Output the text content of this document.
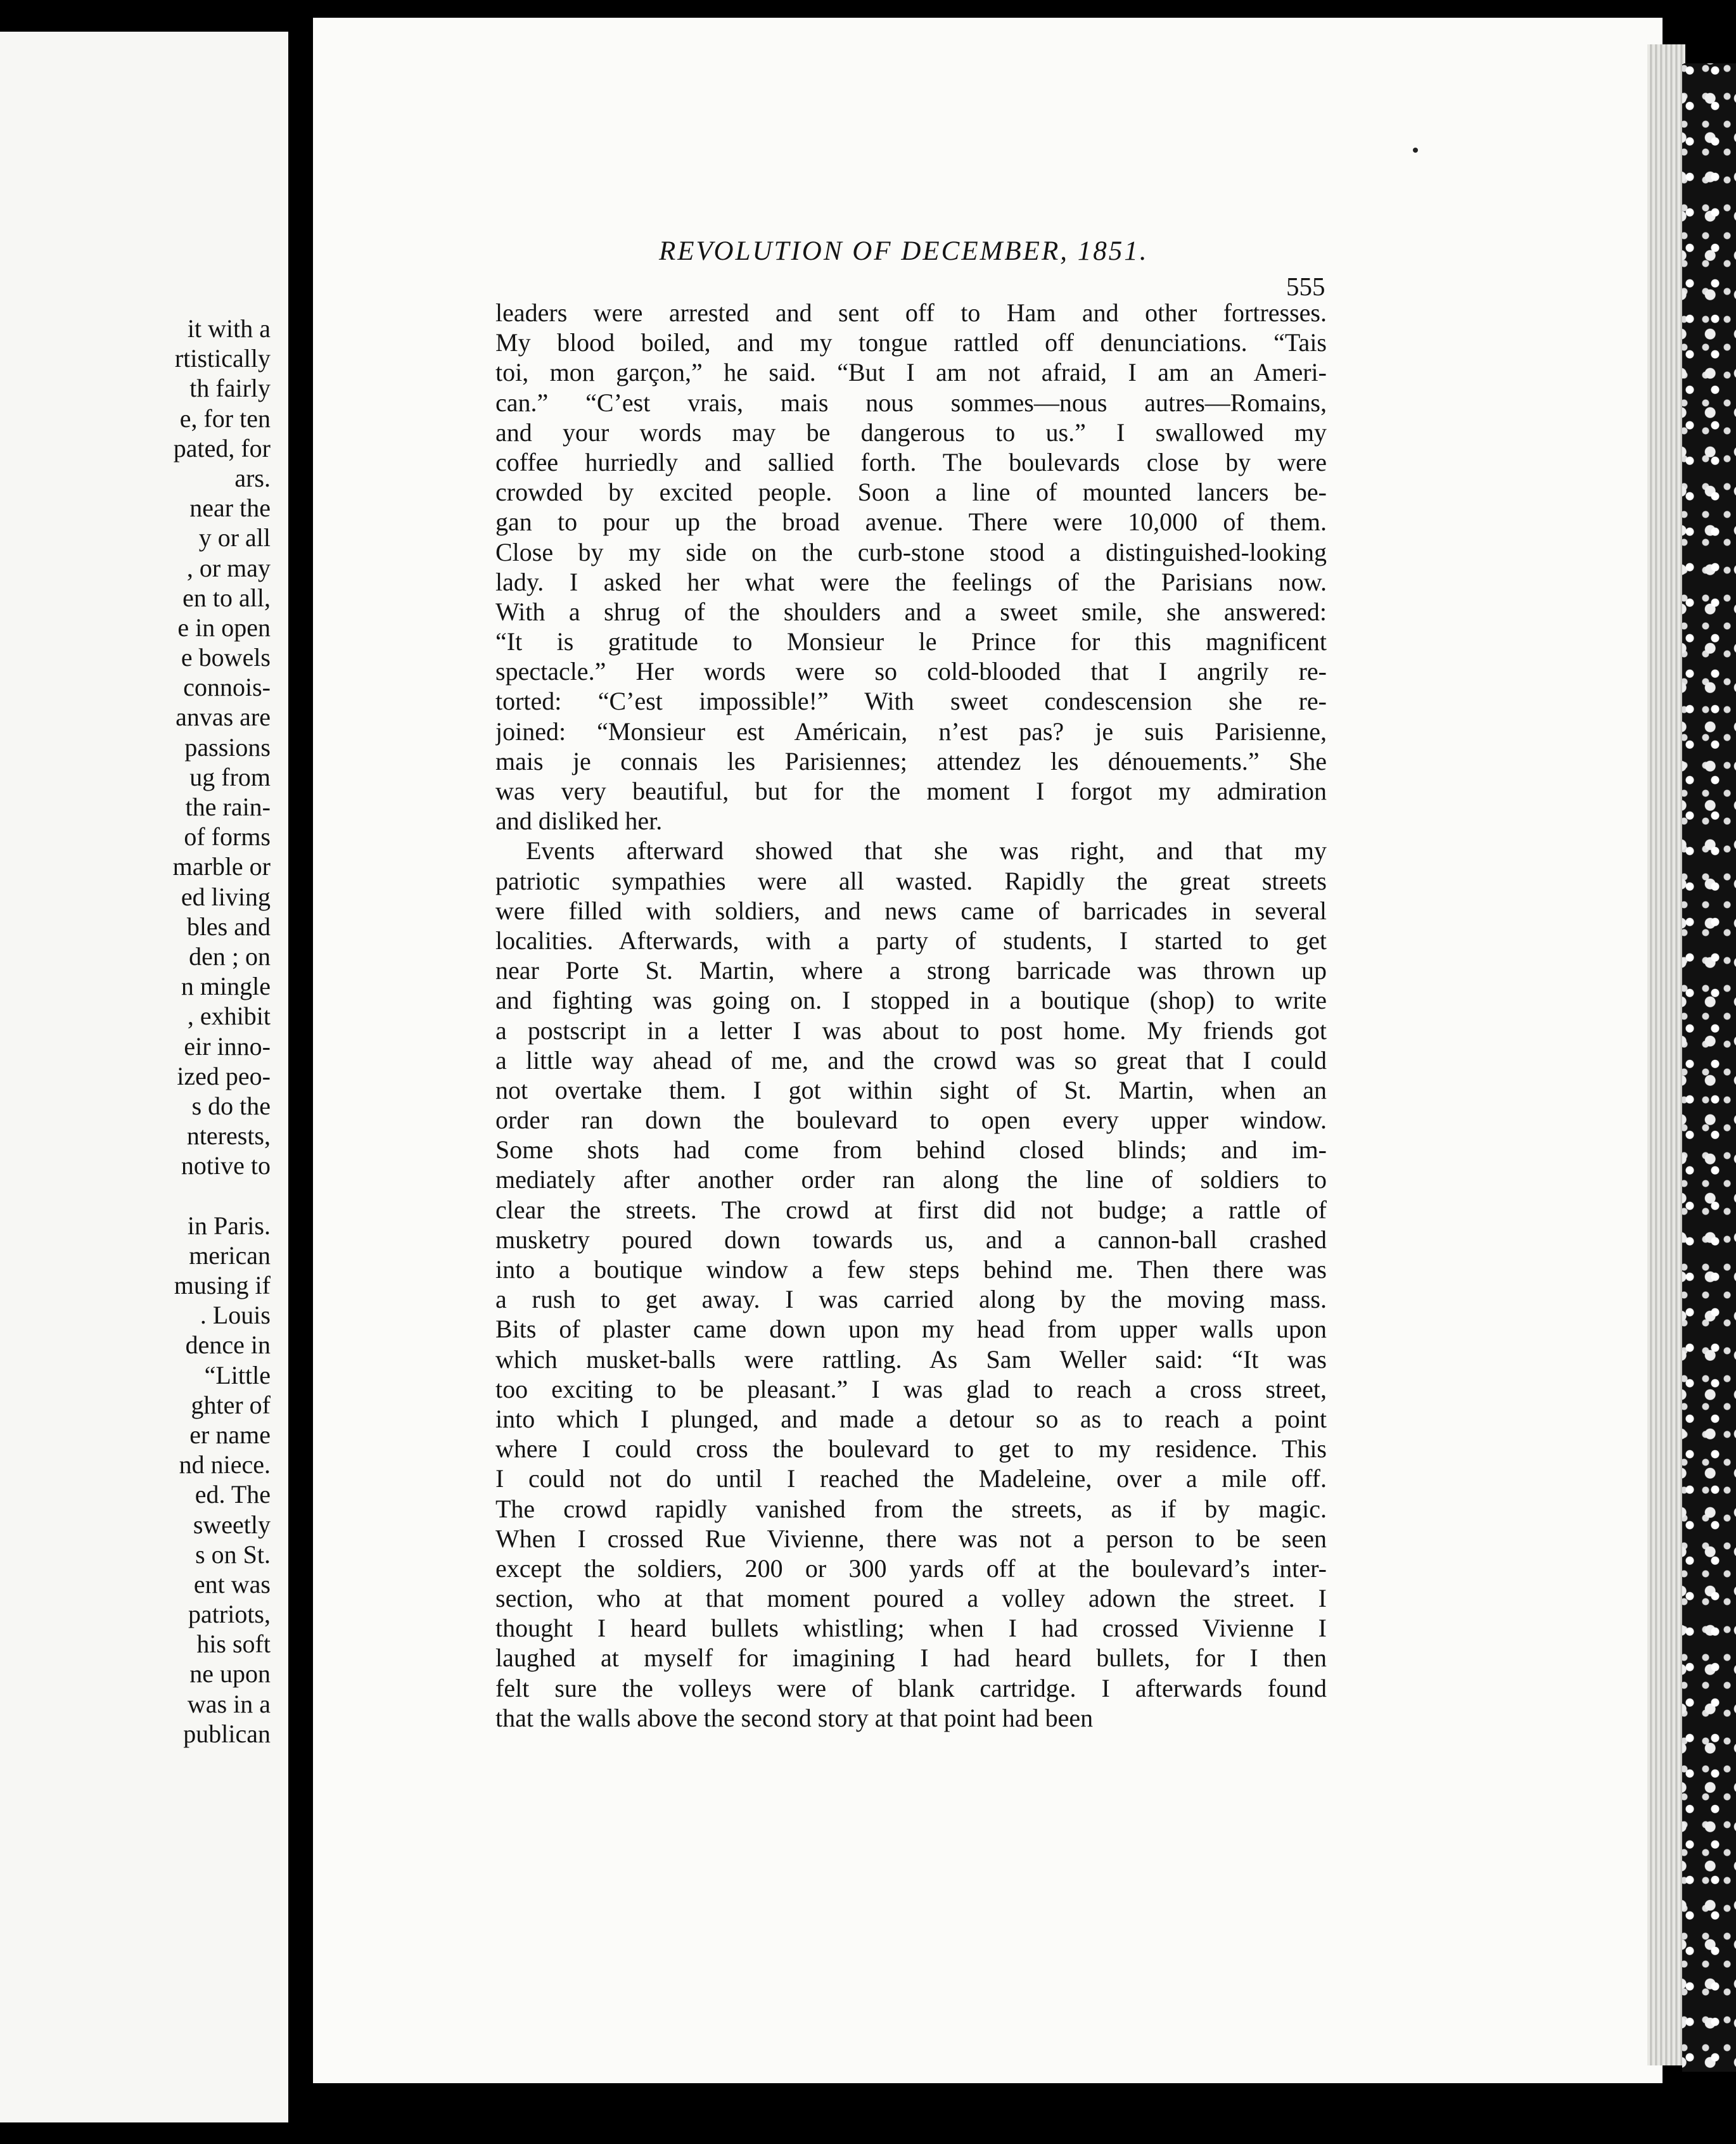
it with a
rtistically
th fairly
e, for ten
pated, for
ars.
near the
y or all
, or may
en to all,
e in open
e bowels
connois-
anvas are
passions
ug from
the rain-
of forms
marble or
ed living
bles and
den ; on
n mingle
, exhibit
eir inno-
ized peo-
s do the
nterests,
notive to
in Paris.
merican
musing if
. Louis
dence in
“Little
ghter of
er name
nd niece.
ed. The
sweetly
s on St.
ent was
patriots,
his soft
ne upon
was in a
publican
REVOLUTION OF DECEMBER, 1851.
555
leaders were arrested and sent off to Ham and other fortresses.
My blood boiled, and my tongue rattled off denunciations. “Tais
toi, mon garçon,” he said. “But I am not afraid, I am an Ameri-
can.” “C’est vrais, mais nous sommes—nous autres—Romains,
and your words may be dangerous to us.” I swallowed my
coffee hurriedly and sallied forth. The boulevards close by were
crowded by excited people. Soon a line of mounted lancers be-
gan to pour up the broad avenue. There were 10,000 of them.
Close by my side on the curb-stone stood a distinguished-looking
lady. I asked her what were the feelings of the Parisians now.
With a shrug of the shoulders and a sweet smile, she answered:
“It is gratitude to Monsieur le Prince for this magnificent
spectacle.” Her words were so cold-blooded that I angrily re-
torted: “C’est impossible!” With sweet condescension she re-
joined: “Monsieur est Américain, n’est pas? je suis Parisienne,
mais je connais les Parisiennes; attendez les dénouements.” She
was very beautiful, but for the moment I forgot my admiration
and disliked her.
Events afterward showed that she was right, and that my
patriotic sympathies were all wasted. Rapidly the great streets
were filled with soldiers, and news came of barricades in several
localities. Afterwards, with a party of students, I started to get
near Porte St. Martin, where a strong barricade was thrown up
and fighting was going on. I stopped in a boutique (shop) to write
a postscript in a letter I was about to post home. My friends got
a little way ahead of me, and the crowd was so great that I could
not overtake them. I got within sight of St. Martin, when an
order ran down the boulevard to open every upper window.
Some shots had come from behind closed blinds; and im-
mediately after another order ran along the line of soldiers to
clear the streets. The crowd at first did not budge; a rattle of
musketry poured down towards us, and a cannon-ball crashed
into a boutique window a few steps behind me. Then there was
a rush to get away. I was carried along by the moving mass.
Bits of plaster came down upon my head from upper walls upon
which musket-balls were rattling. As Sam Weller said: “It was
too exciting to be pleasant.” I was glad to reach a cross street,
into which I plunged, and made a detour so as to reach a point
where I could cross the boulevard to get to my residence. This
I could not do until I reached the Madeleine, over a mile off.
The crowd rapidly vanished from the streets, as if by magic.
When I crossed Rue Vivienne, there was not a person to be seen
except the soldiers, 200 or 300 yards off at the boulevard’s inter-
section, who at that moment poured a volley adown the street. I
thought I heard bullets whistling; when I had crossed Vivienne I
laughed at myself for imagining I had heard bullets, for I then
felt sure the volleys were of blank cartridge. I afterwards found
that the walls above the second story at that point had been
